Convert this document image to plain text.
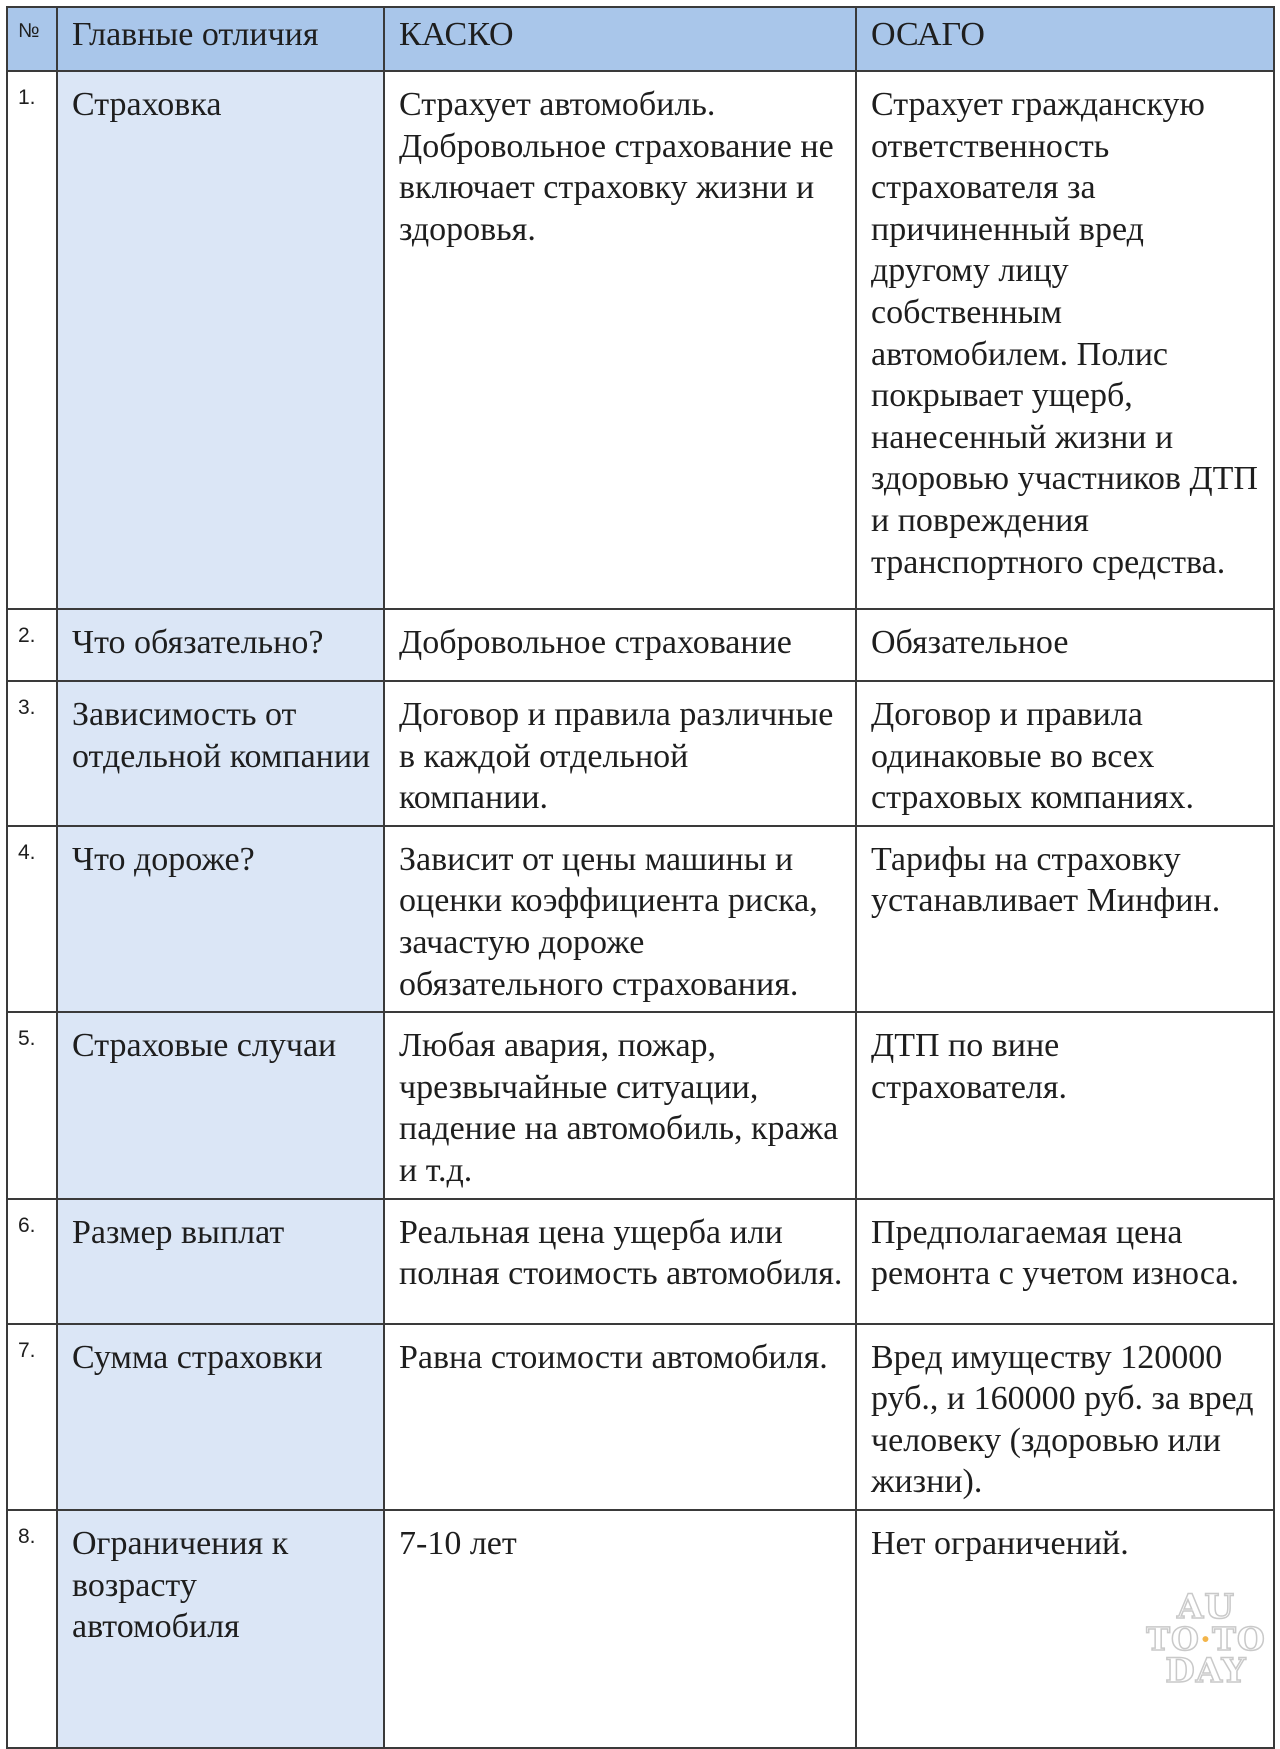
№	Главные отличия	КАСКО	ОСАГО
1.	Страховка	Страхует автомобиль. Добровольное страхование не включает страховку жизни и здоровья.	Страхует гражданскую ответственность страхователя за причиненный вред другому лицу собственным автомобилем. Полис покрывает ущерб, нанесенный жизни и здоровью участников ДТП и повреждения транспортного средства.
2.	Что обязательно?	Добровольное страхование	Обязательное
3.	Зависимость от отдельной компании	Договор и правила различные в каждой отдельной компании.	Договор и правила одинаковые во всех страховых компаниях.
4.	Что дороже?	Зависит от цены машины и оценки коэффициента риска, зачастую дороже обязательного страхования.	Тарифы на страховку устанавливает Минфин.
5.	Страховые случаи	Любая авария, пожар, чрезвычайные ситуации, падение на автомобиль, кража и т.д.	ДТП по вине страхователя.
6.	Размер выплат	Реальная цена ущерба или полная стоимость автомобиля.	Предполагаемая цена ремонта с учетом износа.
7.	Сумма страховки	Равна стоимости автомобиля.	Вред имуществу 120000 руб., и 160000 руб. за вред человеку (здоровью или жизни).
8.	Ограничения к возрасту автомобиля	7-10 лет	Нет ограничений.
·
